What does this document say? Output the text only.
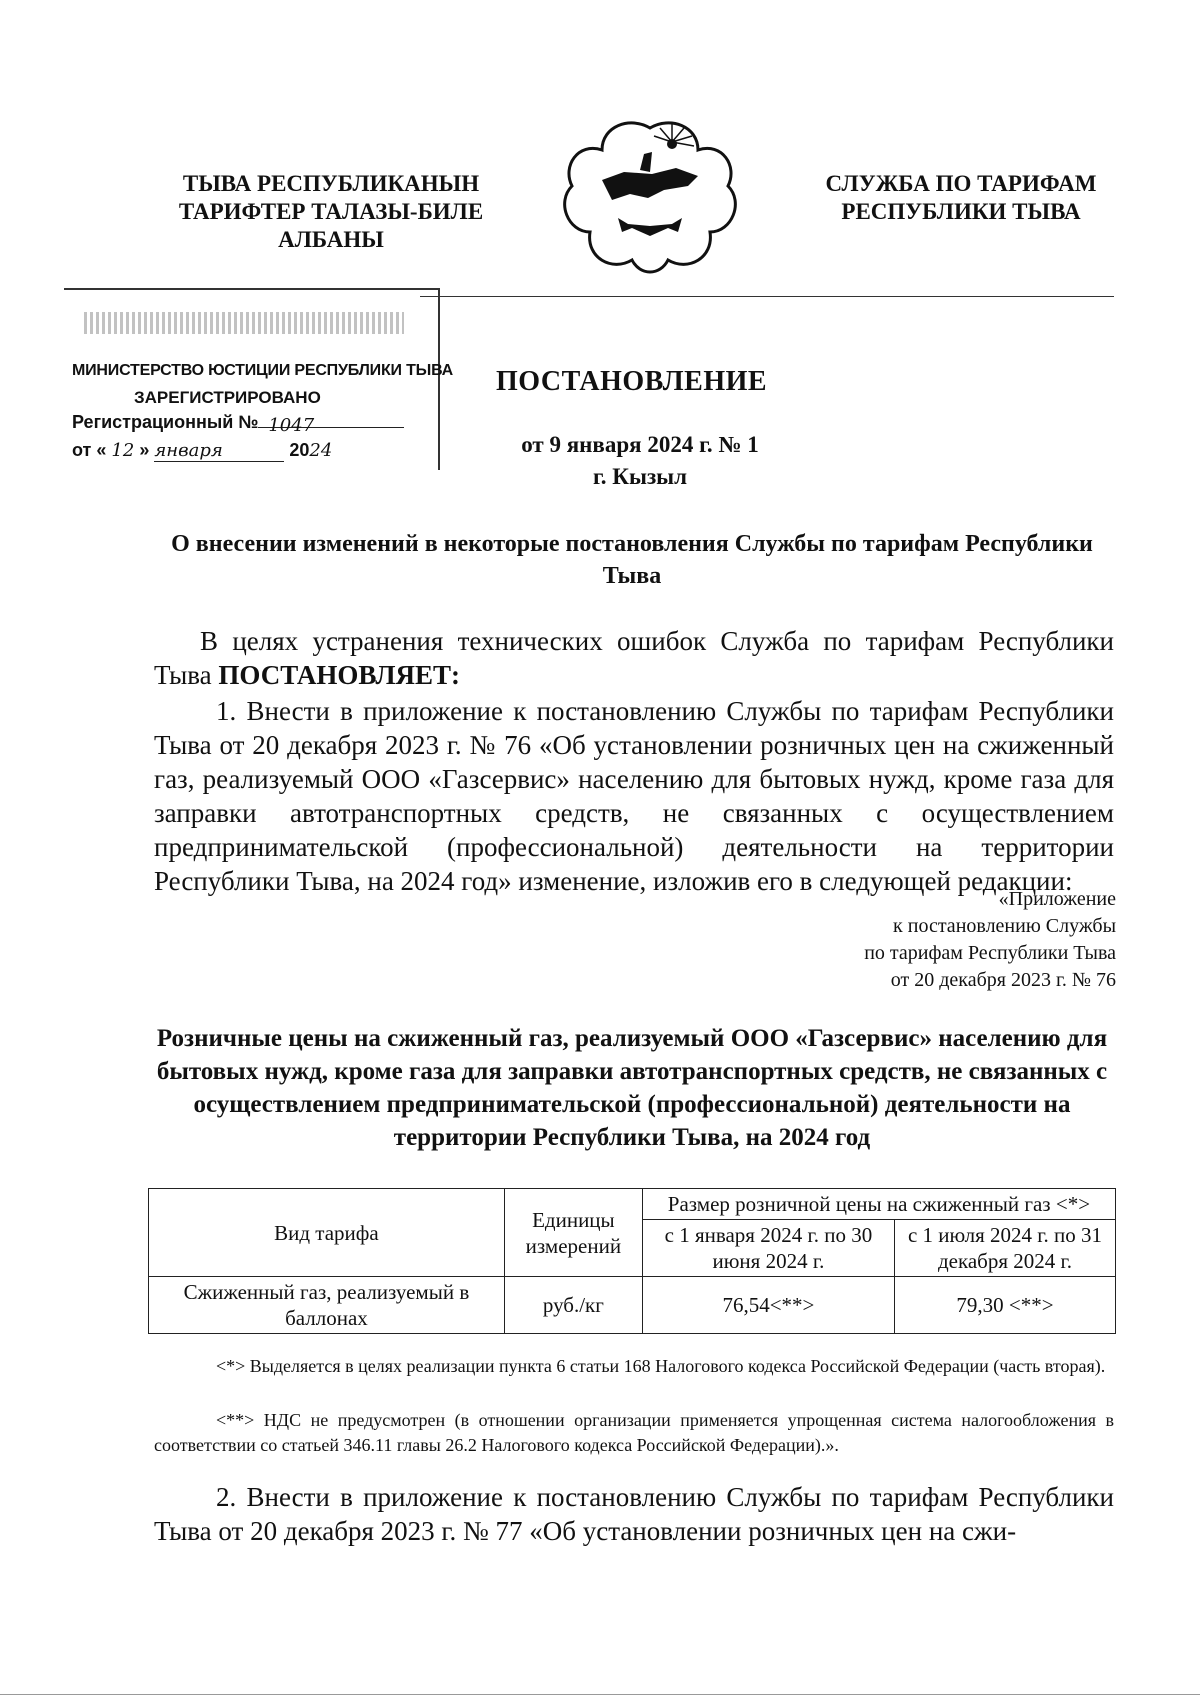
ТЫВА РЕСПУБЛИКАНЫН
ТАРИФТЕР ТАЛАЗЫ-БИЛЕ
АЛБАНЫ
СЛУЖБА ПО ТАРИФАМ
РЕСПУБЛИКИ ТЫВА
МИНИСТЕРСТВО ЮСТИЦИИ РЕСПУБЛИКИ ТЫВА
ЗАРЕГИСТРИРОВАНО
Регистрационный № 1047
от « 12 » января	2024
ПОСТАНОВЛЕНИЕ
от 9 января 2024 г. № 1
г. Кызыл
О внесении изменений в некоторые постановления Службы по тарифам Республики Тыва
В целях устранения технических ошибок Служба по тарифам Республики Тыва ПОСТАНОВЛЯЕТ:
1. Внести в приложение к постановлению Службы по тарифам Республики Тыва от 20 декабря 2023 г. № 76 «Об установлении розничных цен на сжиженный газ, реализуемый ООО «Газсервис» населению для бытовых нужд, кроме газа для заправки автотранспортных средств, не связанных с осуществлением предпринимательской (профессиональной) деятельности на территории Республики Тыва, на 2024 год» изменение, изложив его в следующей редакции:
«Приложение
к постановлению Службы
по тарифам Республики Тыва
от 20 декабря 2023 г. № 76
Розничные цены на сжиженный газ, реализуемый ООО «Газсервис» населению для бытовых нужд, кроме газа для заправки автотранспортных средств, не связанных с осуществлением предпринимательской (профессиональной) деятельности на территории Республики Тыва, на 2024 год
Вид тарифа	Единицы измерений	Размер розничной цены на сжиженный газ <*>	
		с 1 января 2024 г. по 30 июня 2024 г.	с 1 июля 2024 г. по 31 декабря 2024 г.
Сжиженный газ, реализуемый в баллонах	руб./кг	76,54<**>	79,30 <**>
<*> Выделяется в целях реализации пункта 6 статьи 168 Налогового кодекса Российской Федерации (часть вторая).
<**> НДС не предусмотрен (в отношении организации применяется упрощенная система налогообложения в соответствии со статьей 346.11 главы 26.2 Налогового кодекса Российской Федерации).».
2. Внести в приложение к постановлению Службы по тарифам Республики Тыва от 20 декабря 2023 г. № 77 «Об установлении розничных цен на сжи-
